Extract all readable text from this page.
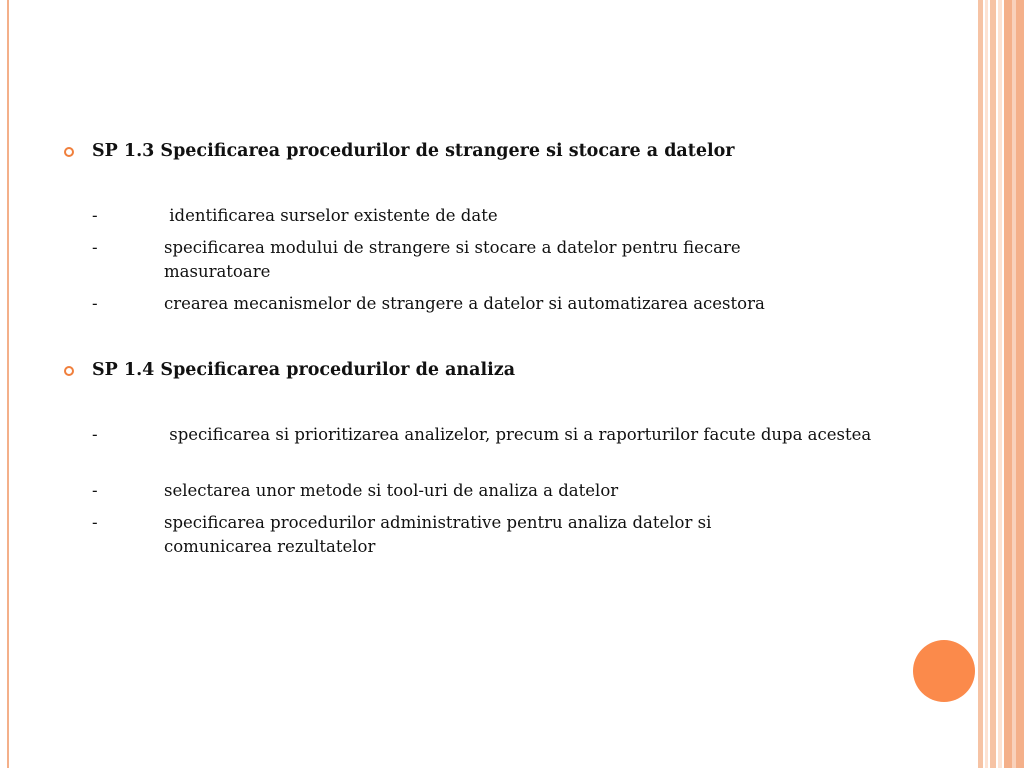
SP 1.3 Specificarea procedurilor de strangere si stocare a datelor
-	identificarea surselor existente de date
-	specificarea modului de strangere si stocare a datelor pentru fiecare masuratoare
-	crearea mecanismelor de strangere a datelor si automatizarea acestora
SP 1.4 Specificarea procedurilor de analiza
-	specificarea si prioritizarea analizelor, precum si a raporturilor facute dupa acestea
-	selectarea unor metode si tool-uri de analiza a datelor
-	specificarea procedurilor administrative pentru analiza datelor si comunicarea rezultatelor
